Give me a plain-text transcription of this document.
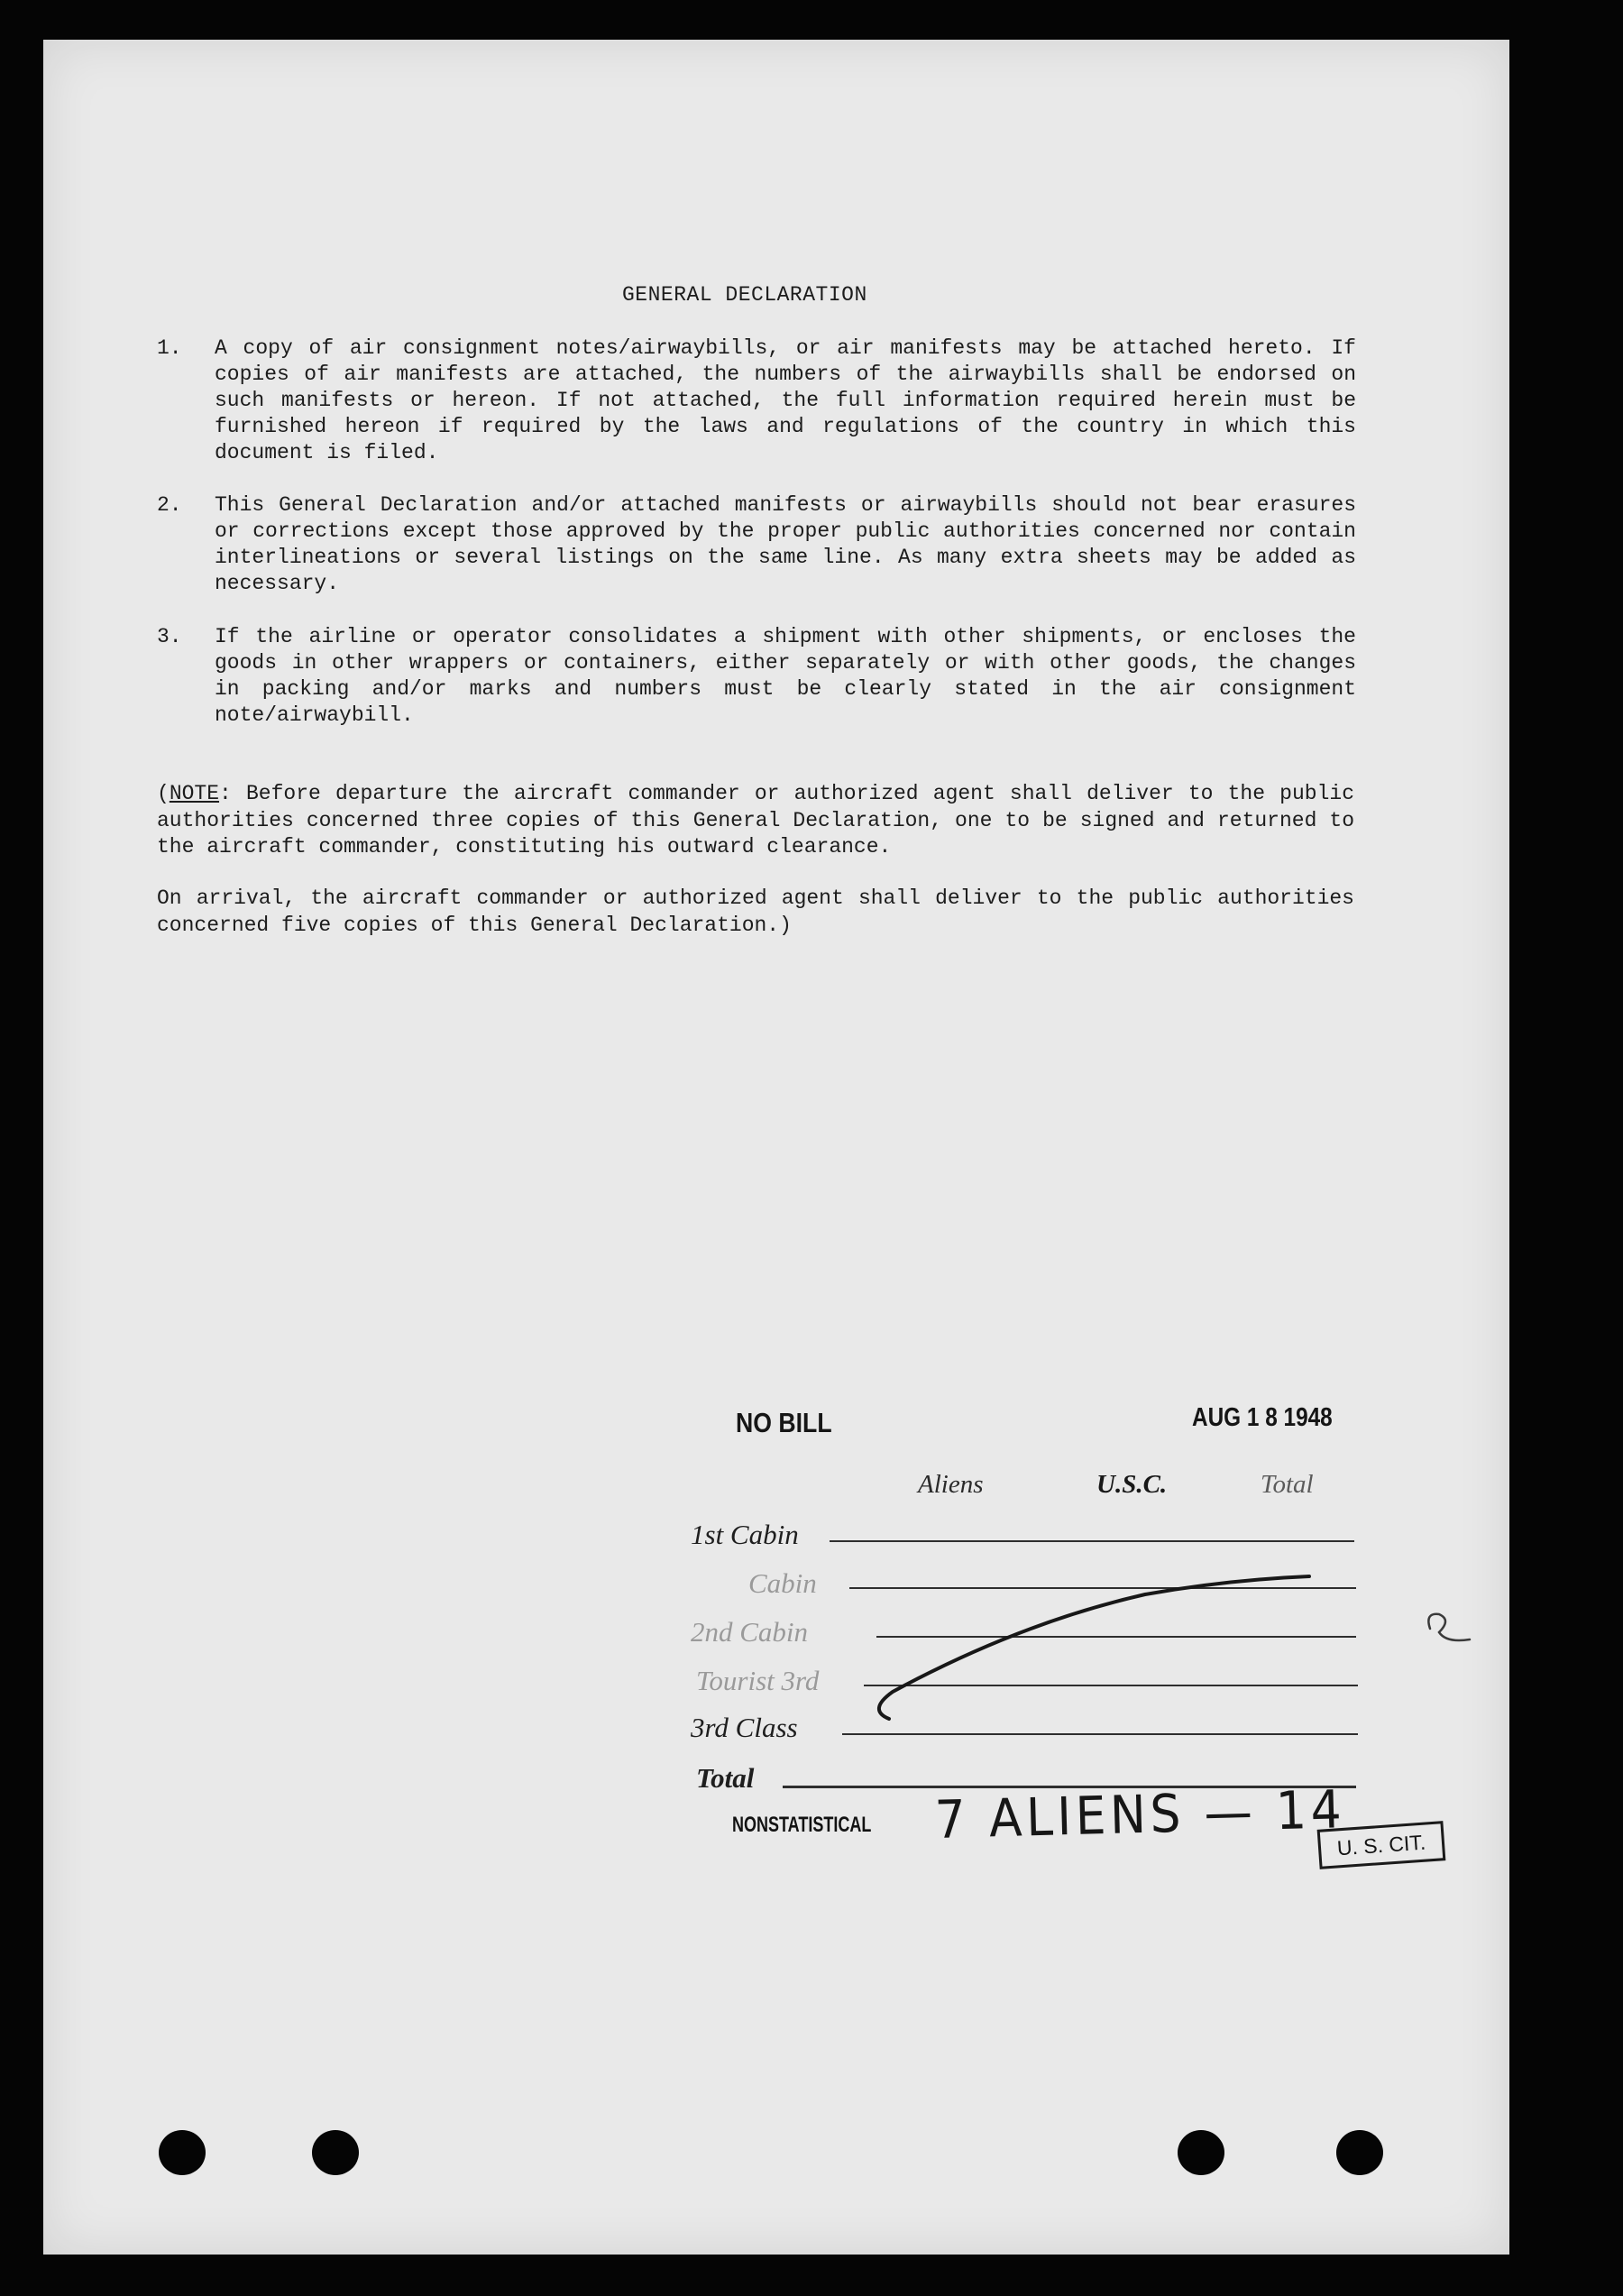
GENERAL DECLARATION
1. A copy of air consignment notes/airwaybills, or air manifests may be attached hereto. If copies of air manifests are attached, the numbers of the airwaybills shall be endorsed on such manifests or hereon. If not attached, the full information required herein must be furnished hereon if required by the laws and regulations of the country in which this document is filed.
2. This General Declaration and/or attached manifests or airwaybills should not bear erasures or corrections except those approved by the proper public authorities concerned nor contain interlineations or several listings on the same line. As many extra sheets may be added as necessary.
3. If the airline or operator consolidates a shipment with other shipments, or encloses the goods in other wrappers or containers, either separately or with other goods, the changes in packing and/or marks and numbers must be clearly stated in the air consignment note/airwaybill.
(NOTE: Before departure the aircraft commander or authorized agent shall deliver to the public authorities concerned three copies of this General Declaration, one to be signed and returned to the aircraft commander, constituting his outward clearance.
On arrival, the aircraft commander or authorized agent shall deliver to the public authorities concerned five copies of this General Declaration.)
NO BILL	AUG 1 8 1948
Aliens	U.S.C.	Total
1st Cabin
Cabin
2nd Cabin
Tourist 3rd
3rd Class
Total
NONSTATISTICAL 7 ALIENS — 14
U. S. CIT.
